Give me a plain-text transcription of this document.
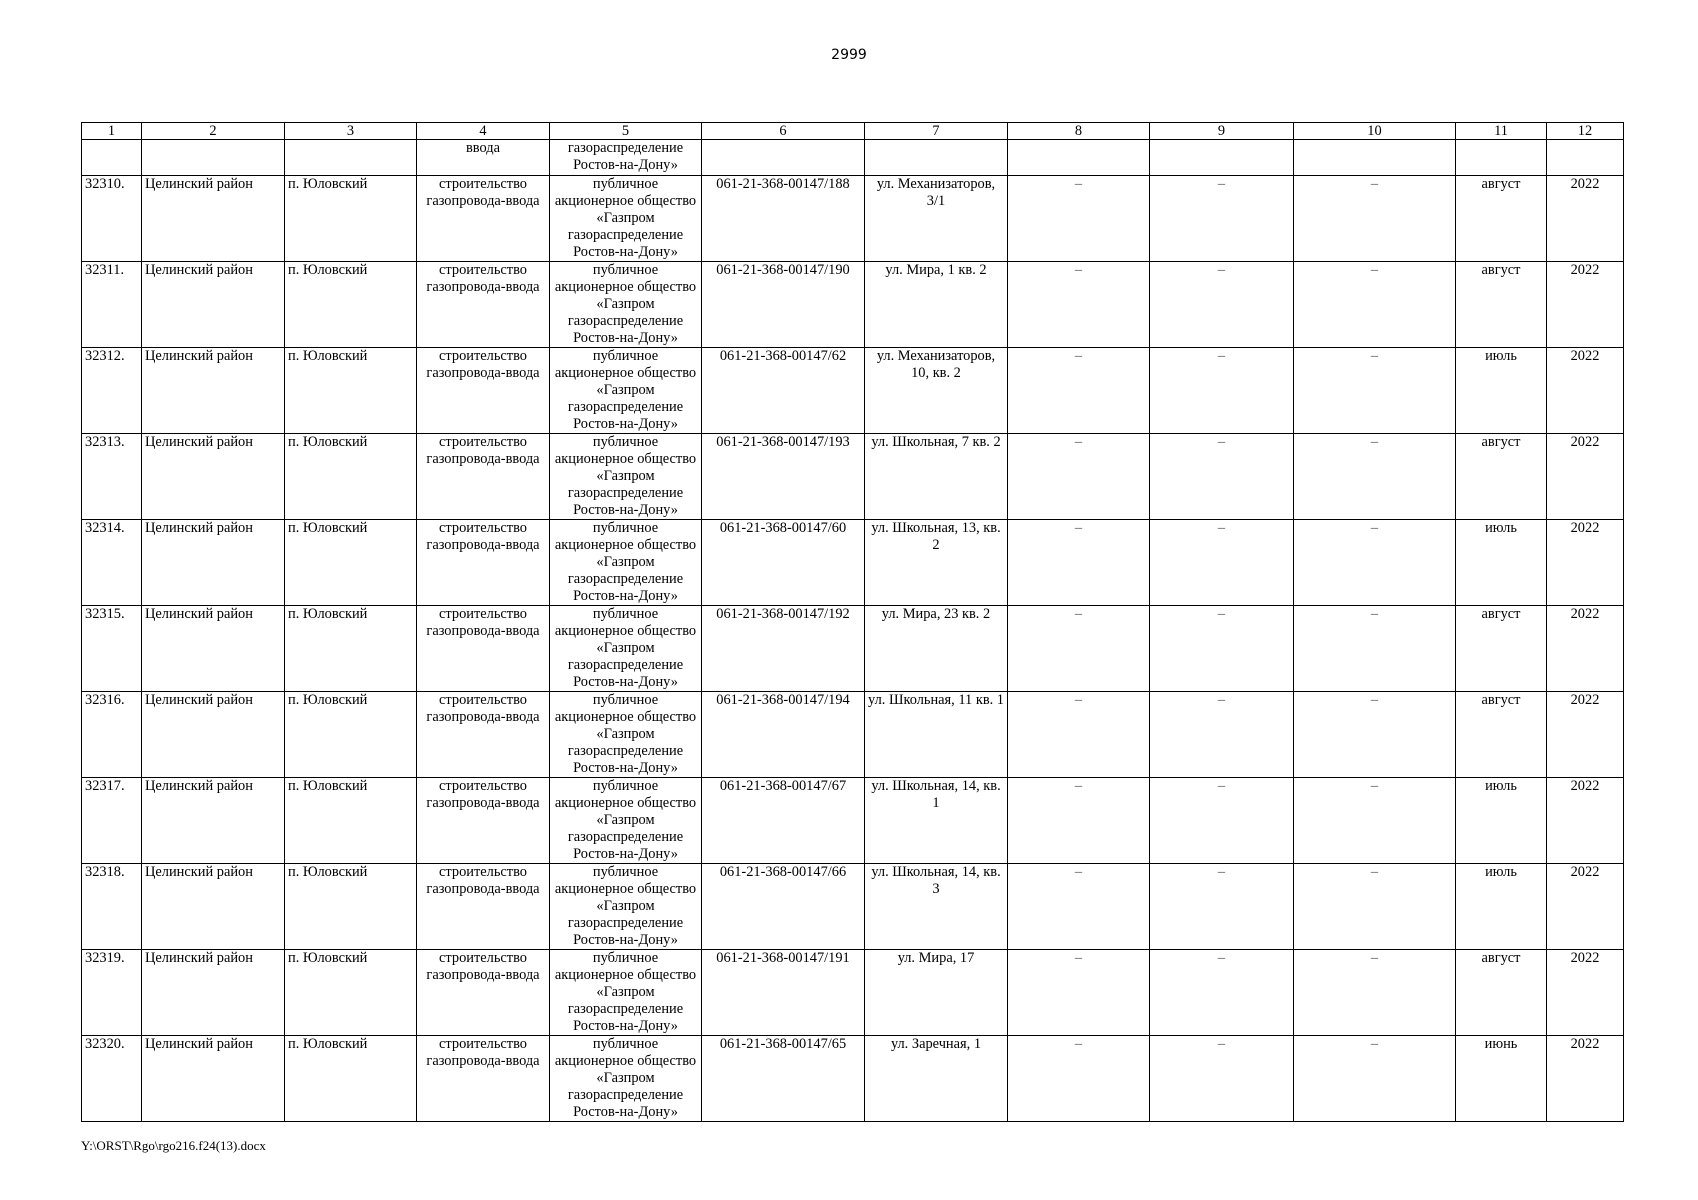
2999
1	2	3	4	5	6	7	8	9	10	11	12
			ввода	газораспределение Ростов-на-Дону»							
32310.	Целинский район	п. Юловский	строительство газопровода-ввода	публичное акционерное общество «Газпром газораспределение Ростов-на-Дону»	061-21-368-00147/188	ул. Механизаторов, 3/1	–	–	–	август	2022
32311.	Целинский район	п. Юловский	строительство газопровода-ввода	публичное акционерное общество «Газпром газораспределение Ростов-на-Дону»	061-21-368-00147/190	ул. Мира, 1 кв. 2	–	–	–	август	2022
32312.	Целинский район	п. Юловский	строительство газопровода-ввода	публичное акционерное общество «Газпром газораспределение Ростов-на-Дону»	061-21-368-00147/62	ул. Механизаторов, 10, кв. 2	–	–	–	июль	2022
32313.	Целинский район	п. Юловский	строительство газопровода-ввода	публичное акционерное общество «Газпром газораспределение Ростов-на-Дону»	061-21-368-00147/193	ул. Школьная, 7 кв. 2	–	–	–	август	2022
32314.	Целинский район	п. Юловский	строительство газопровода-ввода	публичное акционерное общество «Газпром газораспределение Ростов-на-Дону»	061-21-368-00147/60	ул. Школьная, 13, кв. 2	–	–	–	июль	2022
32315.	Целинский район	п. Юловский	строительство газопровода-ввода	публичное акционерное общество «Газпром газораспределение Ростов-на-Дону»	061-21-368-00147/192	ул. Мира, 23 кв. 2	–	–	–	август	2022
32316.	Целинский район	п. Юловский	строительство газопровода-ввода	публичное акционерное общество «Газпром газораспределение Ростов-на-Дону»	061-21-368-00147/194	ул. Школьная, 11 кв. 1	–	–	–	август	2022
32317.	Целинский район	п. Юловский	строительство газопровода-ввода	публичное акционерное общество «Газпром газораспределение Ростов-на-Дону»	061-21-368-00147/67	ул. Школьная, 14, кв. 1	–	–	–	июль	2022
32318.	Целинский район	п. Юловский	строительство газопровода-ввода	публичное акционерное общество «Газпром газораспределение Ростов-на-Дону»	061-21-368-00147/66	ул. Школьная, 14, кв. 3	–	–	–	июль	2022
32319.	Целинский район	п. Юловский	строительство газопровода-ввода	публичное акционерное общество «Газпром газораспределение Ростов-на-Дону»	061-21-368-00147/191	ул. Мира, 17	–	–	–	август	2022
32320.	Целинский район	п. Юловский	строительство газопровода-ввода	публичное акционерное общество «Газпром газораспределение Ростов-на-Дону»	061-21-368-00147/65	ул. Заречная, 1	–	–	–	июнь	2022
Y:\ORST\Rgo\rgo216.f24(13).docx
